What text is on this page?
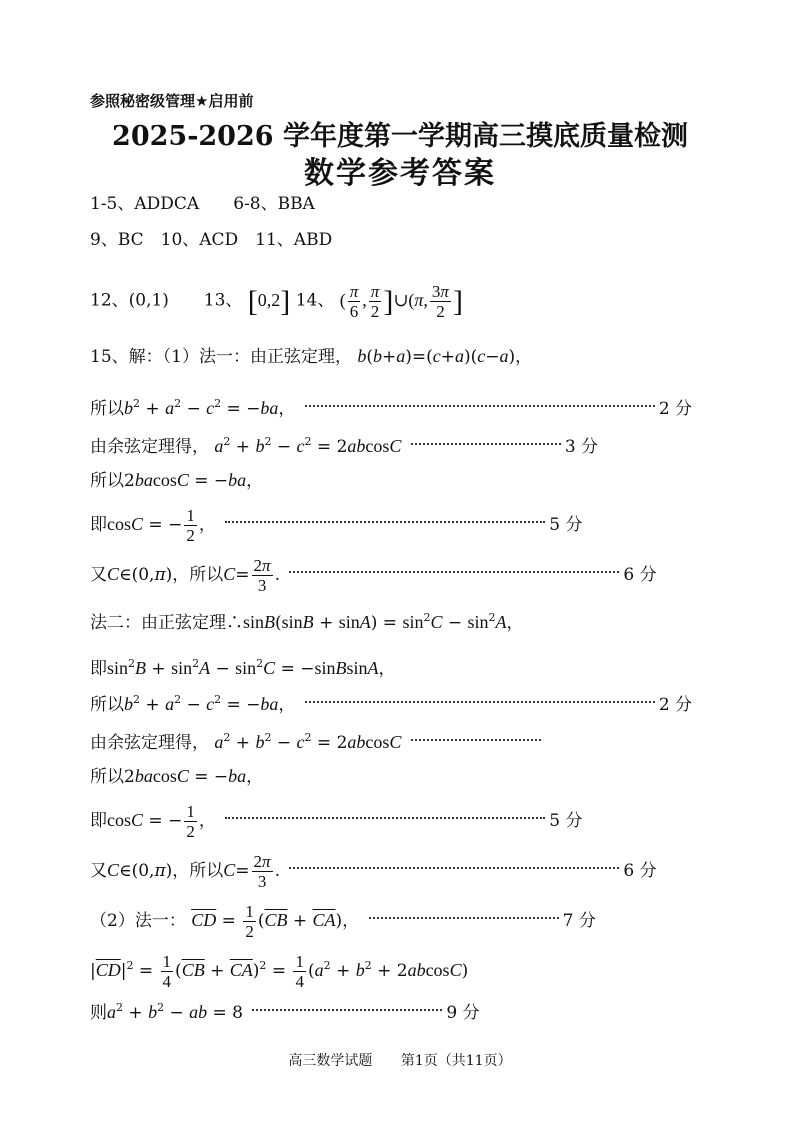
参照秘密级管理★启用前
2025-2026 学年度第一学期高三摸底质量检测
数学参考答案
1-5、ADDCA　　6-8、BBA
9、BC　10、ACD　11、ABD
12、(0,1) 13、 [0,2] 14、 ( $\frac{\pi}{6}$ , $\frac{\pi}{2}$ ]∪(π, $\frac{3\pi}{2}$ ]
15、解：（1）法一：由正弦定理， b(b+a)=(c+a)(c−a)，
所以$b^2 + a^2 - c^2 = -ba$，	2 分
由余弦定理得， $a^2 + b^2 - c^2 = 2abcosC$	3 分
所以2bacosC = −ba，
即cosC = − $\frac{1}{2}$ ，	5 分
又C∈(0,π)，所以$C= \frac{2\pi}{3}$ .	6 分
法二：由正弦定理∴sinB(sinB + $\sin A) = \sin^2C - \sin^2A$，
即$\sin^2B + \sin^2A - \sin^2C$ = −sinBsinA，
所以$b^2 + a^2 - c^2 = -ba$，	2 分
由余弦定理得， $a^2 + b^2 - c^2 = 2abcosC$
所以2bacosC = −ba，
即cosC = − $\frac{1}{2}$ ，	5 分
又C∈(0,π)，所以$C= \frac{2\pi}{3}$ .	6 分
（2）法一： $\overline{CD} = \frac{1}{2} (\overline{CB} + \overline{CA})$，	7 分
$|\overline{CD}|^2 = \frac{1}{4} (\overline{CB} + \overline{CA})^2 = \frac{1}{4} (a^2 + b^2 + 2abcosC)$
则$a^2 + b^2$ − ab = 8	9 分
高三数学试题 第1页（共11页）
